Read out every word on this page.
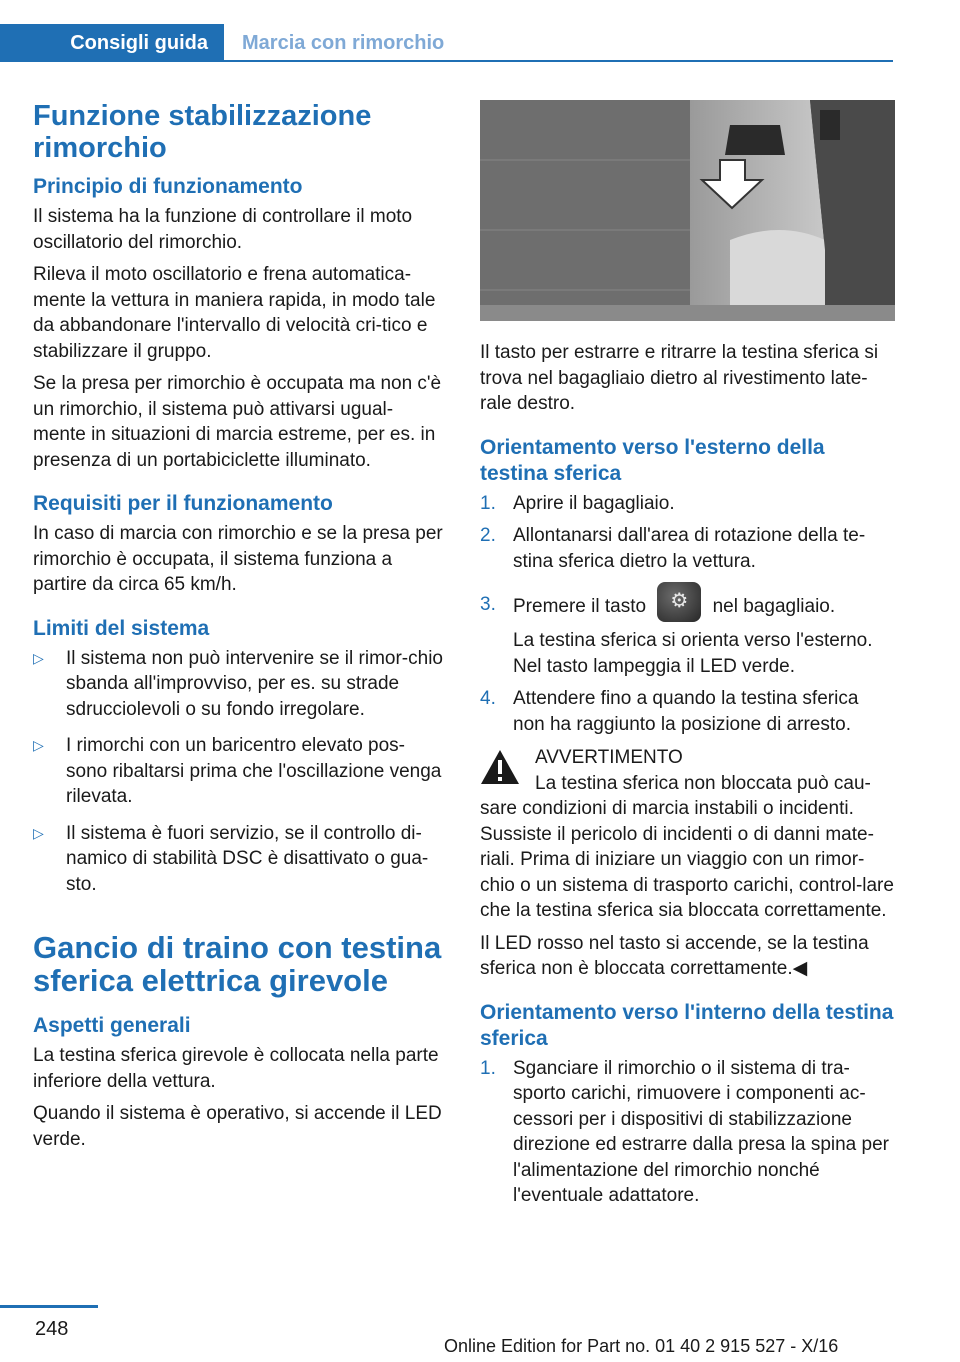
Consigli guida	Marcia con rimorchio
Funzione stabilizzazione rimorchio
Principio di funzionamento

Il sistema ha la funzione di controllare il moto oscillatorio del rimorchio.

Rileva il moto oscillatorio e frena automatica‐mente la vettura in maniera rapida, in modo tale da abbandonare l'intervallo di velocità cri‐tico e stabilizzare il gruppo.

Se la presa per rimorchio è occupata ma non c'è un rimorchio, il sistema può attivarsi ugual‐mente in situazioni di marcia estreme, per es. in presenza di un portabiciclette illuminato.

Requisiti per il funzionamento

In caso di marcia con rimorchio e se la presa per rimorchio è occupata, il sistema funziona a partire da circa 65 km/h.

Limiti del sistema
▷ Il sistema non può intervenire se il rimor‐chio sbanda all'improvviso, per es. su strade sdrucciolevoli o su fondo irregolare.
▷ I rimorchi con un baricentro elevato pos‐sono ribaltarsi prima che l'oscillazione venga rilevata.
▷ Il sistema è fuori servizio, se il controllo di‐namico di stabilità DSC è disattivato o gua‐sto.
Gancio di traino con testina sferica elettrica girevole
Aspetti generali

La testina sferica girevole è collocata nella parte inferiore della vettura.

Quando il sistema è operativo, si accende il LED verde.

Il tasto per estrarre e ritrarre la testina sferica si trova nel bagagliaio dietro al rivestimento late‐rale destro.

Orientamento verso l'esterno della testina sferica
1. Aprire il bagagliaio.
2. Allontanarsi dall'area di rotazione della te‐stina sferica dietro la vettura.
3. Premere il tasto	⚙	nel bagagliaio.
La testina sferica si orienta verso l'esterno. Nel tasto lampeggia il LED verde.
4. Attendere fino a quando la testina sferica non ha raggiunto la posizione di arresto.
AVVERTIMENTO

La testina sferica non bloccata può cau‐

sare condizioni di marcia instabili o incidenti. Sussiste il pericolo di incidenti o di danni mate‐riali. Prima di iniziare un viaggio con un rimor‐chio o un sistema di trasporto carichi, control‐lare che la testina sferica sia bloccata correttamente.

Il LED rosso nel tasto si accende, se la testina sferica non è bloccata correttamente.◀

Orientamento verso l'interno della testina sferica
1. Sganciare il rimorchio o il sistema di tra‐sporto carichi, rimuovere i componenti ac‐cessori per i dispositivi di stabilizzazione direzione ed estrarre dalla presa la spina per l'alimentazione del rimorchio nonché l'eventuale adattatore.
248
Online Edition for Part no. 01 40 2 915 527 - X/16
